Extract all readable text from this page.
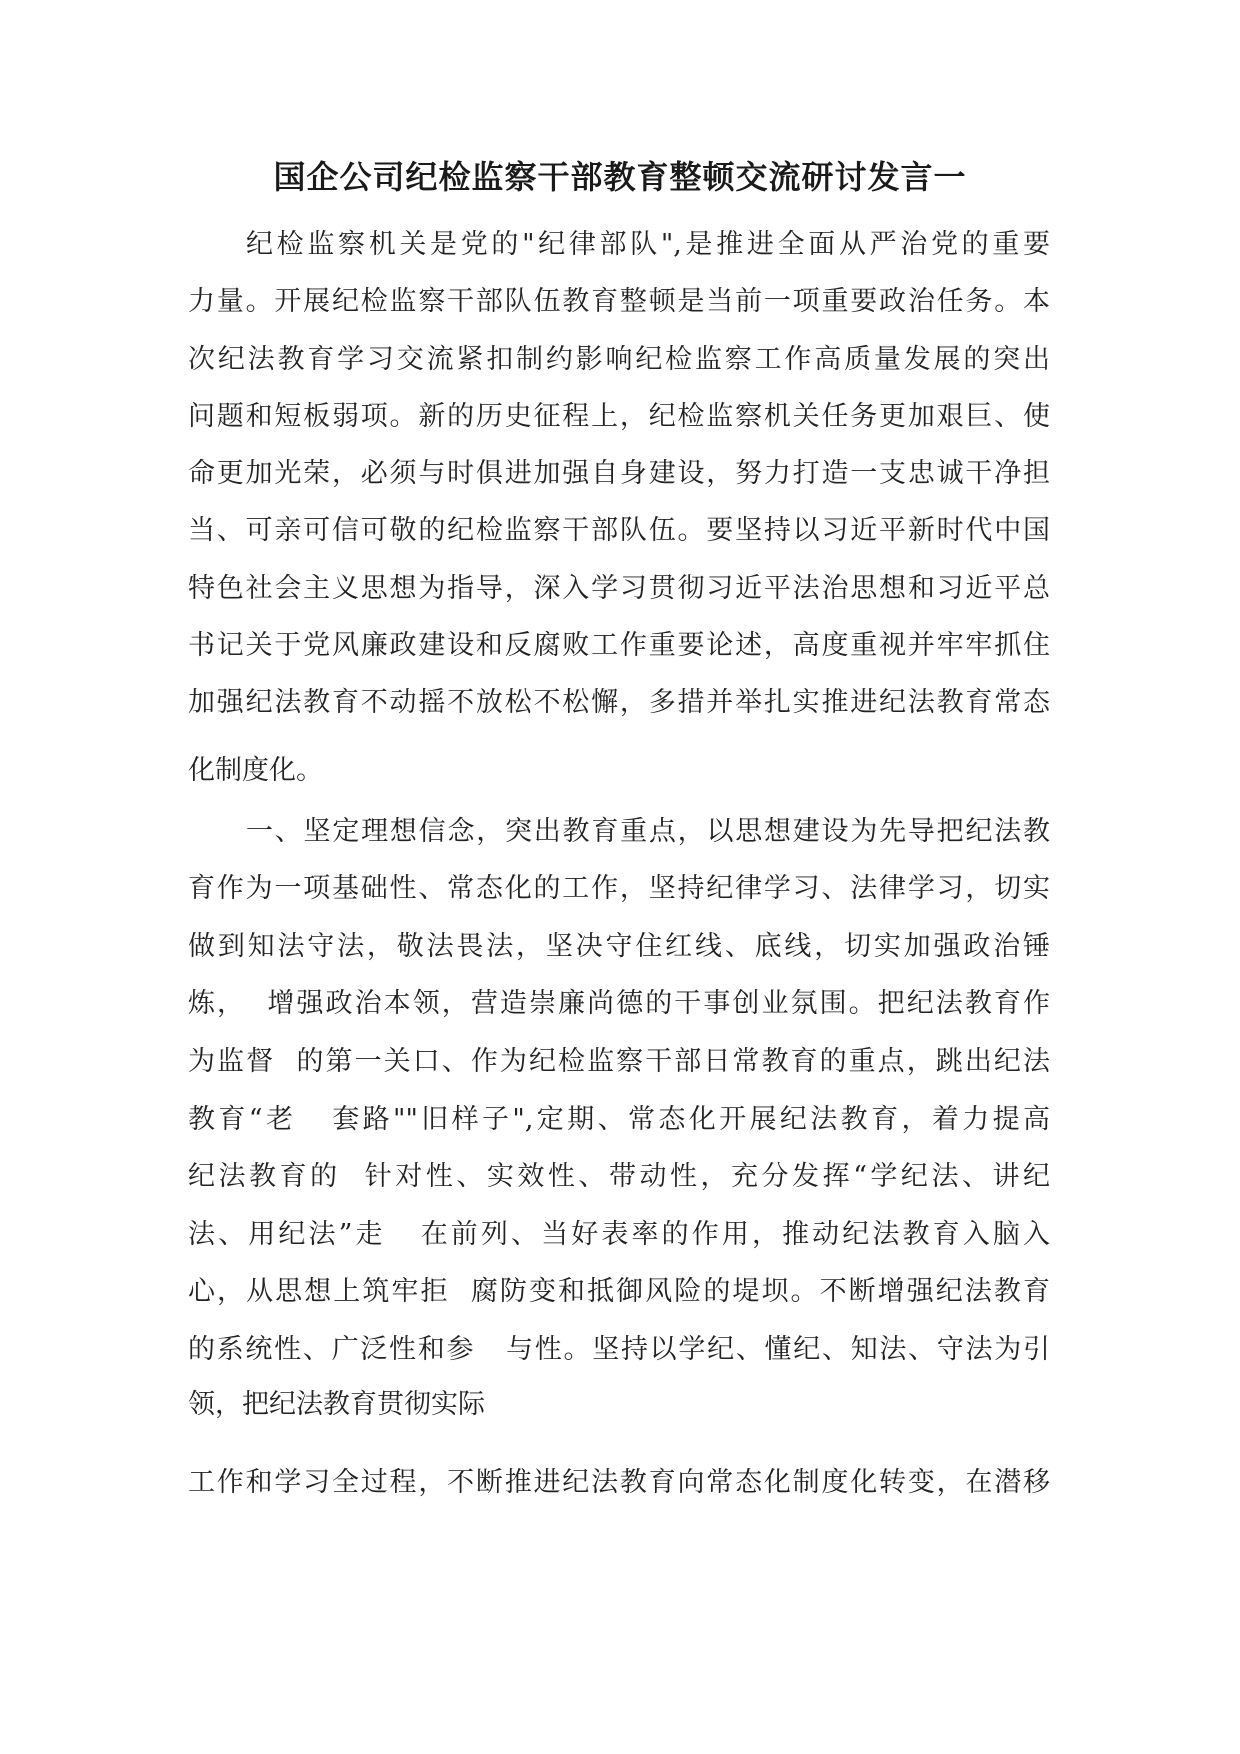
国企公司纪检监察干部教育整顿交流研讨发言一
纪检监察机关是党的"纪律部队",是推进全面从严治党的重要
力量。开展纪检监察干部队伍教育整顿是当前一项重要政治任务。本
次纪法教育学习交流紧扣制约影响纪检监察工作高质量发展的突出
问题和短板弱项。新的历史征程上，纪检监察机关任务更加艰巨、使
命更加光荣，必须与时俱进加强自身建设，努力打造一支忠诚干净担
当、可亲可信可敬的纪检监察干部队伍。要坚持以习近平新时代中国
特色社会主义思想为指导，深入学习贯彻习近平法治思想和习近平总
书记关于党风廉政建设和反腐败工作重要论述，高度重视并牢牢抓住
加强纪法教育不动摇不放松不松懈，多措并举扎实推进纪法教育常态
化制度化。
一、坚定理想信念，突出教育重点，以思想建设为先导把纪法教
育作为一项基础性、常态化的工作，坚持纪律学习、法律学习，切实
做到知法守法，敬法畏法，坚决守住红线、底线，切实加强政治锤
炼，  增强政治本领，营造崇廉尚德的干事创业氛围。把纪法教育作
为监督  的第一关口、作为纪检监察干部日常教育的重点，跳出纪法
教育“老   套路""旧样子",定期、常态化开展纪法教育，着力提高
纪法教育的  针对性、实效性、带动性，充分发挥“学纪法、讲纪
法、用纪法”走   在前列、当好表率的作用，推动纪法教育入脑入
心，从思想上筑牢拒  腐防变和抵御风险的堤坝。不断增强纪法教育
的系统性、广泛性和参   与性。坚持以学纪、懂纪、知法、守法为引
领，把纪法教育贯彻实际
工作和学习全过程，不断推进纪法教育向常态化制度化转变，在潜移
